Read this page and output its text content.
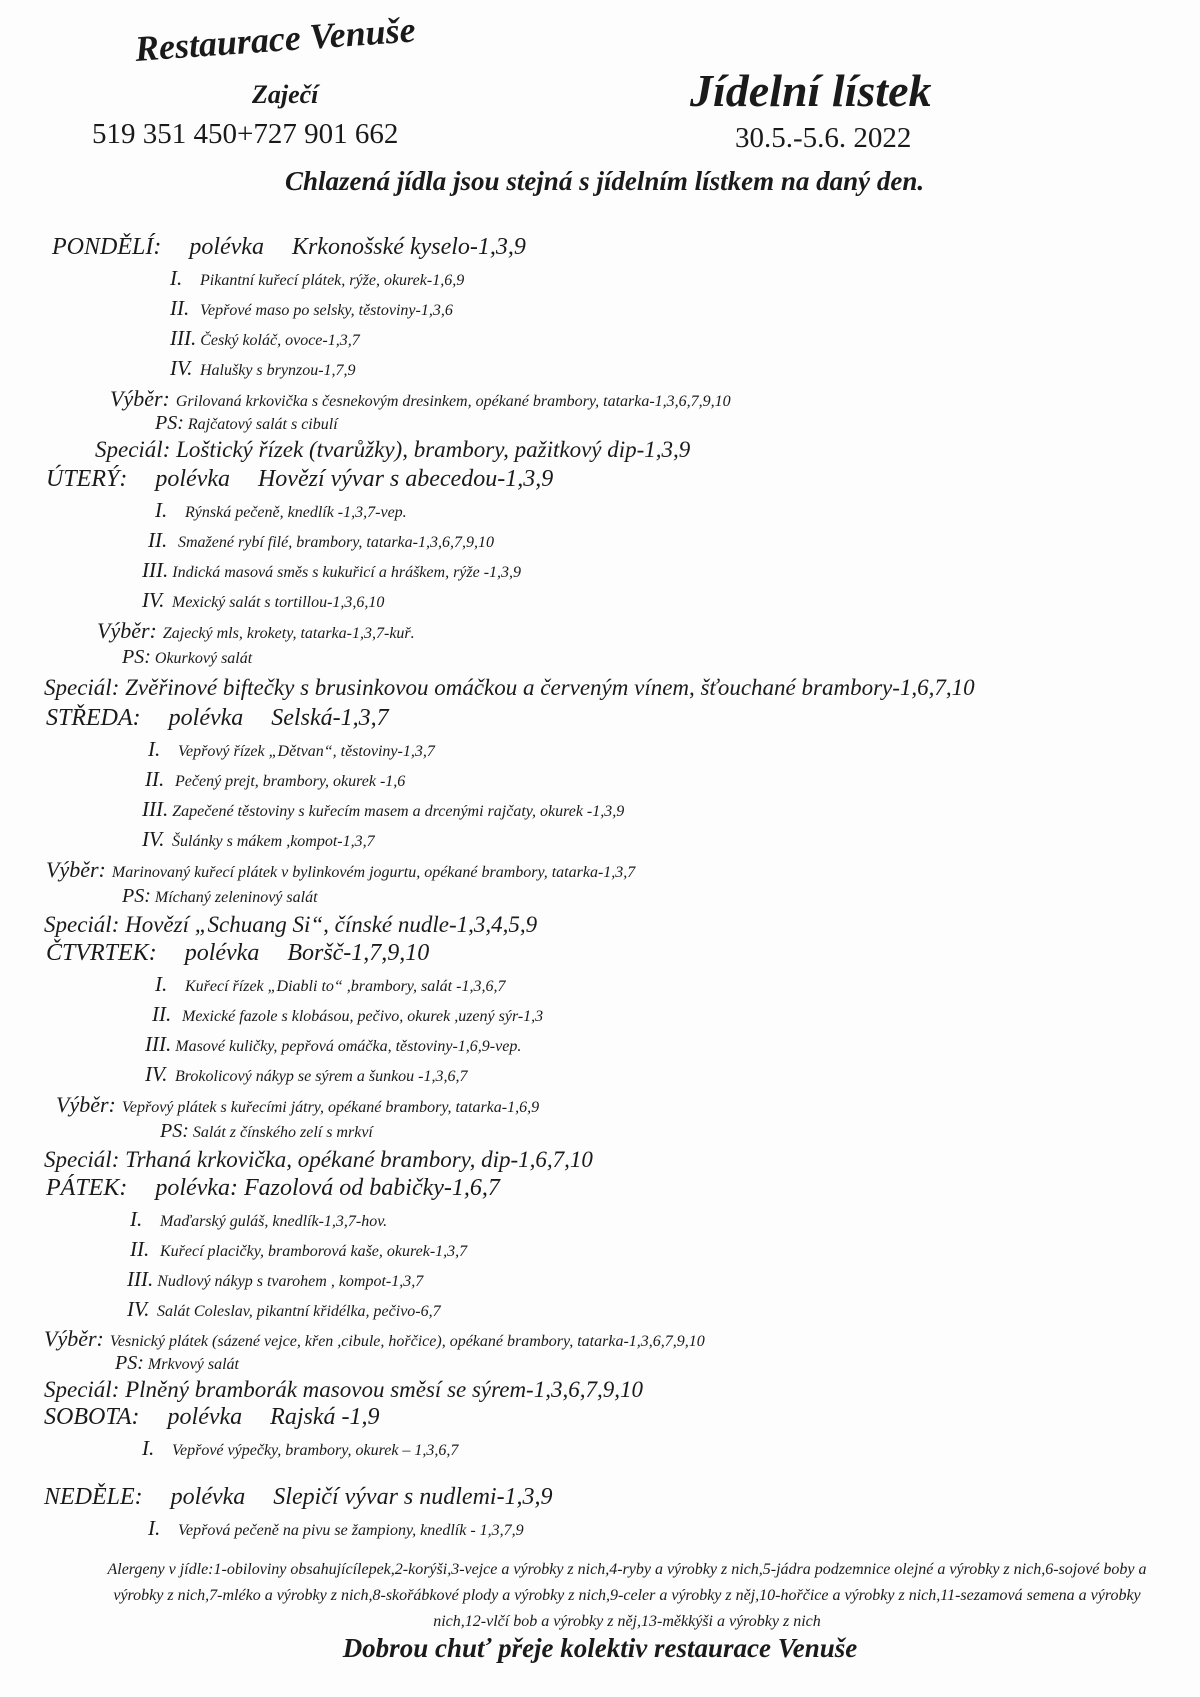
Restaurace Venuše
Zaječí
519 351 450+727 901 662
Jídelní lístek
30.5.-5.6. 2022
Chlazená jídla jsou stejná s jídelním lístkem na daný den.
PONDĚLÍ: polévka Krkonošské kyselo-1,3,9
I. Pikantní kuřecí plátek, rýže, okurek-1,6,9
II. Vepřové maso po selsky, těstoviny-1,3,6
III. Český koláč, ovoce-1,3,7
IV. Halušky s brynzou-1,7,9
Výběr: Grilovaná krkovička s česnekovým dresinkem, opékané brambory, tatarka-1,3,6,7,9,10
PS: Rajčatový salát s cibulí
Speciál: Loštický řízek (tvarůžky), brambory, pažitkový dip-1,3,9
ÚTERÝ: polévka Hovězí vývar s abecedou-1,3,9
I. Rýnská pečeně, knedlík -1,3,7-vep.
II. Smažené rybí filé, brambory, tatarka-1,3,6,7,9,10
III. Indická masová směs s kukuřicí a hráškem, rýže -1,3,9
IV. Mexický salát s tortillou-1,3,6,10
Výběr: Zajecký mls, krokety, tatarka-1,3,7-kuř.
PS: Okurkový salát
Speciál: Zvěřinové biftečky s brusinkovou omáčkou a červeným vínem, šťouchané brambory-1,6,7,10
STŘEDA: polévka Selská-1,3,7
I. Vepřový řízek „Dětvan“, těstoviny-1,3,7
II. Pečený prejt, brambory, okurek -1,6
III. Zapečené těstoviny s kuřecím masem a drcenými rajčaty, okurek -1,3,9
IV. Šulánky s mákem ,kompot-1,3,7
Výběr: Marinovaný kuřecí plátek v bylinkovém jogurtu, opékané brambory, tatarka-1,3,7
PS: Míchaný zeleninový salát
Speciál: Hovězí „Schuang Si“, čínské nudle-1,3,4,5,9
ČTVRTEK: polévka Boršč-1,7,9,10
I. Kuřecí řízek „Diabli to“ ,brambory, salát -1,3,6,7
II. Mexické fazole s klobásou, pečivo, okurek ,uzený sýr-1,3
III. Masové kuličky, pepřová omáčka, těstoviny-1,6,9-vep.
IV. Brokolicový nákyp se sýrem a šunkou -1,3,6,7
Výběr: Vepřový plátek s kuřecími játry, opékané brambory, tatarka-1,6,9
PS: Salát z čínského zelí s mrkví
Speciál: Trhaná krkovička, opékané brambory, dip-1,6,7,10
PÁTEK: polévka: Fazolová od babičky-1,6,7
I. Maďarský guláš, knedlík-1,3,7-hov.
II. Kuřecí placičky, bramborová kaše, okurek-1,3,7
III. Nudlový nákyp s tvarohem , kompot-1,3,7
IV. Salát Coleslav, pikantní křidélka, pečivo-6,7
Výběr: Vesnický plátek (sázené vejce, křen ,cibule, hořčice), opékané brambory, tatarka-1,3,6,7,9,10
PS: Mrkvový salát
Speciál: Plněný bramborák masovou směsí se sýrem-1,3,6,7,9,10
SOBOTA: polévka Rajská -1,9
I. Vepřové výpečky, brambory, okurek – 1,3,6,7
NEDĚLE: polévka Slepičí vývar s nudlemi-1,3,9
I. Vepřová pečeně na pivu se žampiony, knedlík - 1,3,7,9
Alergeny v jídle:1-obiloviny obsahujícílepek,2-korýši,3-vejce a výrobky z nich,4-ryby a výrobky z nich,5-jádra podzemnice olejné a výrobky z nich,6-sojové boby a výrobky z nich,7-mléko a výrobky z nich,8-skořábkové plody a výrobky z nich,9-celer a výrobky z něj,10-hořčice a výrobky z nich,11-sezamová semena a výrobky nich,12-vlčí bob a výrobky z něj,13-měkkýši a výrobky z nich
Dobrou chuť přeje kolektiv restaurace Venuše
